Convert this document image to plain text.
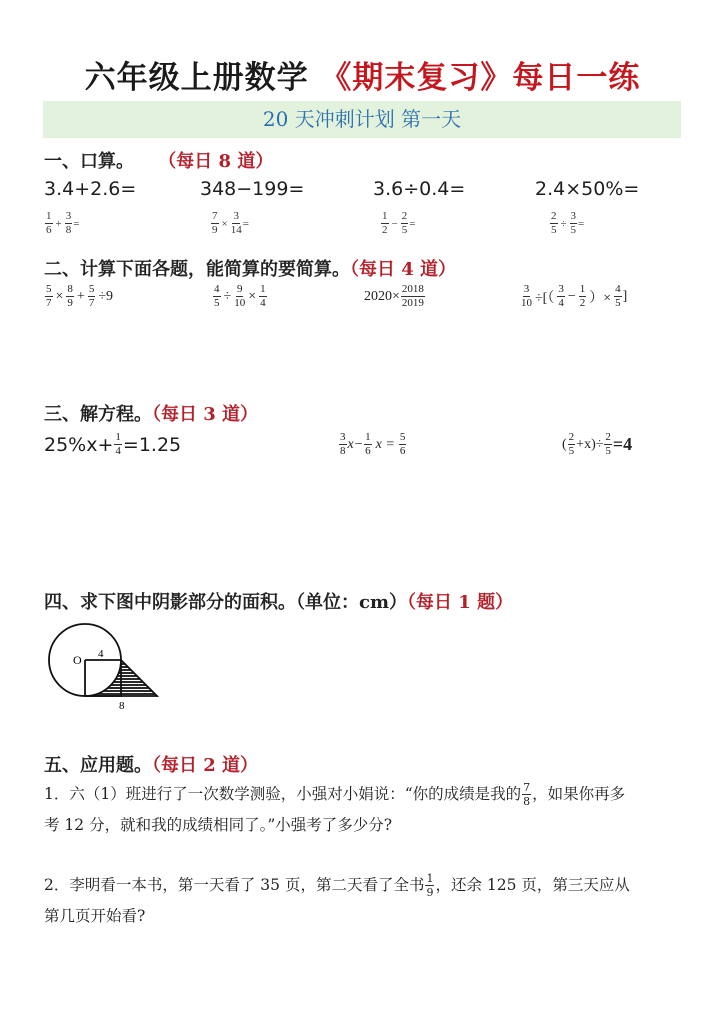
六年级上册数学 《期末复习》每日一练
20 天冲刺计划 第一天
一、口算。 （每日 8 道）
3.4+2.6=	348−199=	3.6÷0.4=	2.4×50%=
$\frac{1}{6} + \frac{3}{8}$ =	$\frac{7}{9} \times \frac{3}{14}$ =	$\frac{1}{2} - \frac{2}{5}$ =	$\frac{2}{5} \div \frac{3}{5}$ =
二、计算下面各题，能简算的要简算。（每日 4 道）
$\frac{5}{7} \times \frac{8}{9} + \frac{5}{7} \div 9$	$\frac{4}{5} \div \frac{9}{10} \times \frac{1}{4}$	$2020\times \frac{2018}{2019}$	$\frac{3}{10}$ ÷[（ $\frac{3}{4} - \frac{1}{2}$ ）× $\frac{4}{5}$ ]
三、解方程。（每日 3 道）
$25\%x+ \frac{1}{4} =1.25$	$\frac{3}{8} x- \frac{1}{6}$ $x = \frac{5}{6}$	( $\frac{2}{5} +x)\div \frac{2}{5} =4$
四、求下图中阴影部分的面积。（单位：cm）（每日 1 题）
O 4
8
五、应用题。（每日 2 道）
1．六（1）班进行了一次数学测验，小强对小娟说：“你的成绩是我的 $\frac{7}{8}$ ，如果你再多
考 12 分，就和我的成绩相同了。”小强考了多少分?
2．李明看一本书，第一天看了 35 页，第二天看了全书 $\frac{1}{9}$ ，还余 125 页，第三天应从
第几页开始看?
